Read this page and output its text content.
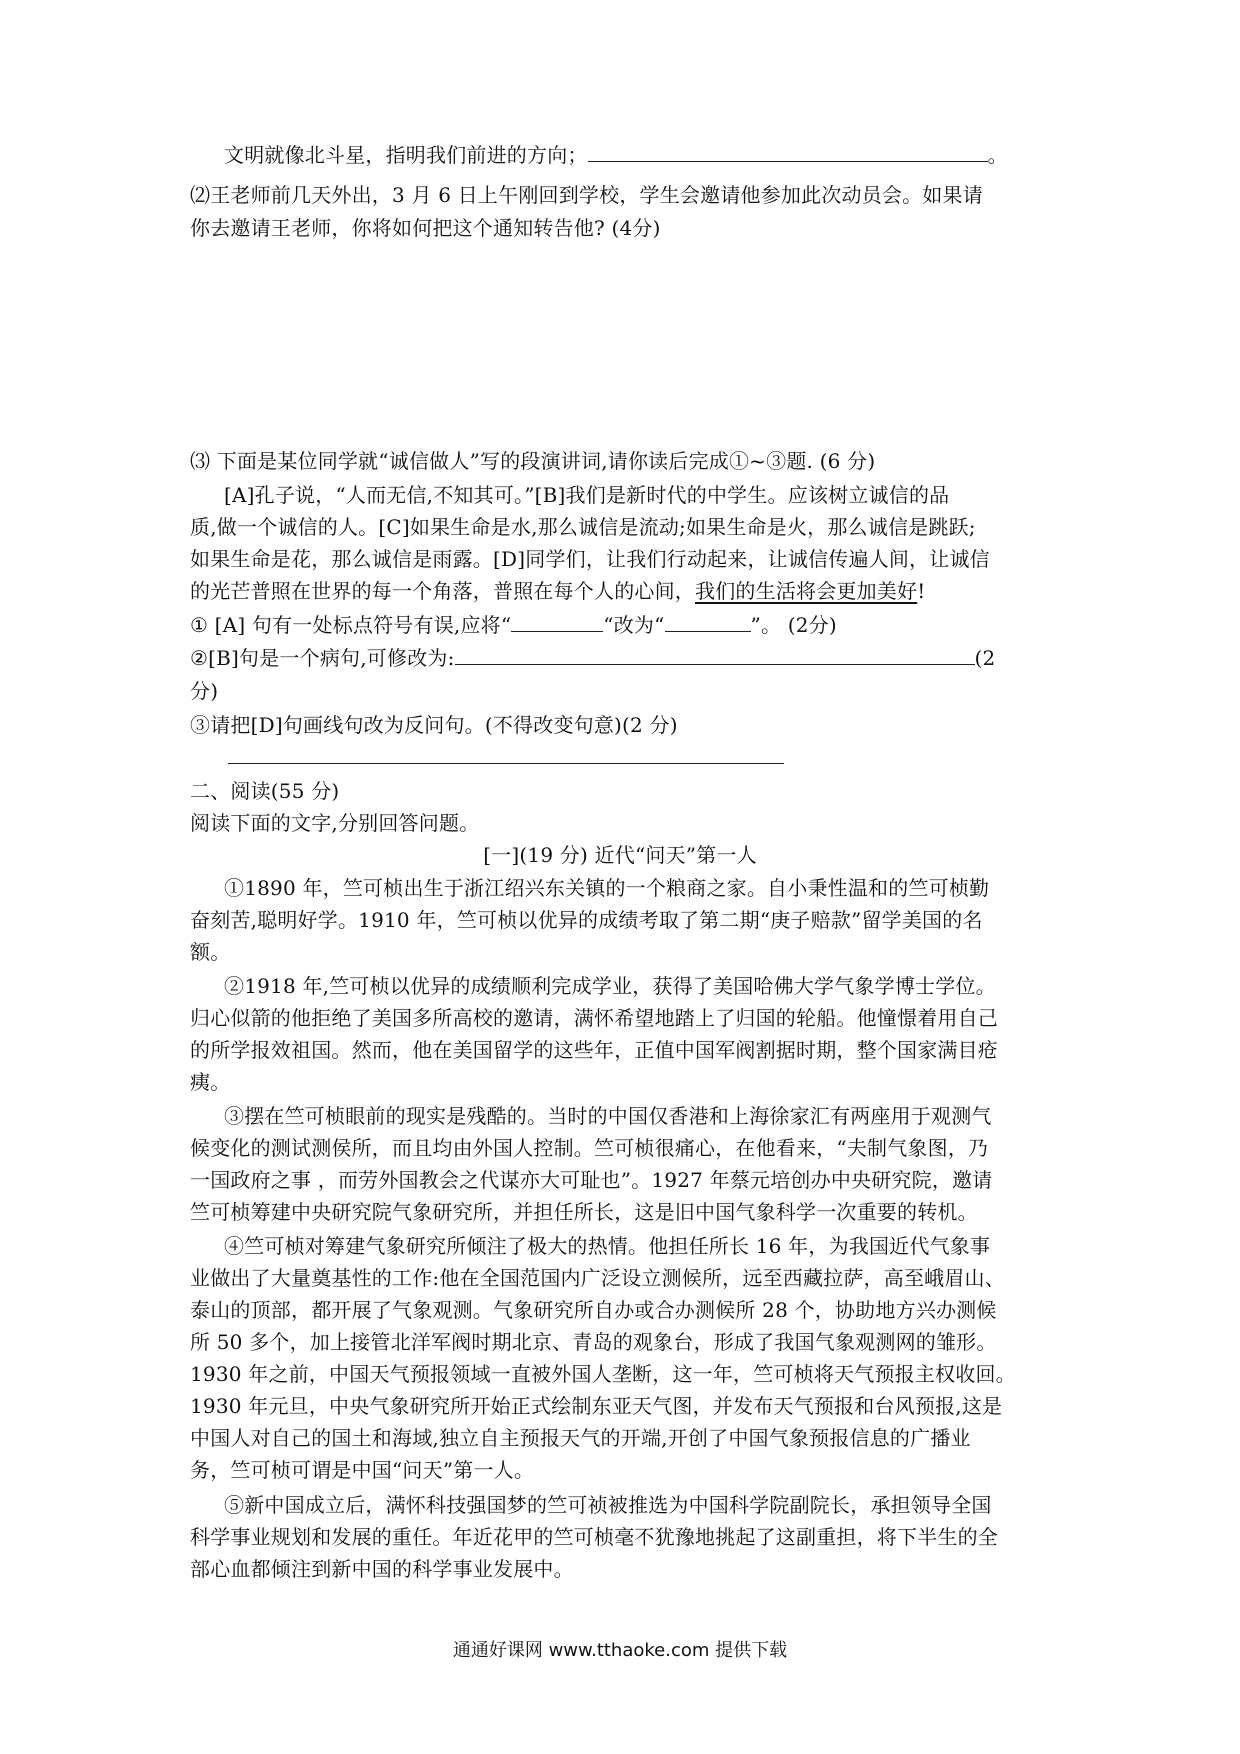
文明就像北斗星，指明我们前进的方向；	。
⑵王老师前几天外出，3 月 6 日上午刚回到学校，学生会邀请他参加此次动员会。如果请
你去邀请王老师，你将如何把这个通知转告他? (4分)
⑶ 下面是某位同学就“诚信做人”写的段演讲词,请你读后完成①~③题. (6 分)
[A]孔子说，“人而无信,不知其可。”[B]我们是新时代的中学生。应该树立诚信的品
质,做一个诚信的人。[C]如果生命是水,那么诚信是流动;如果生命是火，那么诚信是跳跃;
如果生命是花，那么诚信是雨露。[D]同学们，让我们行动起来，让诚信传遍人间，让诚信
的光芒普照在世界的每一个角落，普照在每个人的心间，我们的生活将会更加美好!
① [A] 句有一处标点符号有误,应将“	“改为“	”。 (2分)
②[B]句是一个病句,可修改为:	(2
分)
③请把[D]句画线句改为反问句。(不得改变句意)(2 分)
二、阅读(55 分)
阅读下面的文字,分别回答问题。
[一](19 分) 近代“问天”第一人
①1890 年，竺可桢出生于浙江绍兴东关镇的一个粮商之家。自小秉性温和的竺可桢勤
奋刻苦,聪明好学。1910 年，竺可桢以优异的成绩考取了第二期“庚子赔款”留学美国的名
额。
②1918 年,竺可桢以优异的成绩顺利完成学业，获得了美国哈佛大学气象学博士学位。
归心似箭的他拒绝了美国多所高校的邀请，满怀希望地踏上了归国的轮船。他憧憬着用自己
的所学报效祖国。然而，他在美国留学的这些年，正值中国军阀割据时期，整个国家满目疮
痍。
③摆在竺可桢眼前的现实是残酷的。当时的中国仅香港和上海徐家汇有两座用于观测气
候变化的测试测侯所，而且均由外国人控制。竺可桢很痛心，在他看来，“夫制气象图，乃
一国政府之事 ，而劳外国教会之代谋亦大可耻也”。1927 年蔡元培创办中央研究院，邀请
竺可桢筹建中央研究院气象研究所，并担任所长，这是旧中国气象科学一次重要的转机。
④竺可桢对筹建气象研究所倾注了极大的热情。他担任所长 16 年，为我国近代气象事
业做出了大量奠基性的工作:他在全国范国内广泛设立测候所，远至西藏拉萨，高至峨眉山、
泰山的顶部，都开展了气象观测。气象研究所自办或合办测候所 28 个，协助地方兴办测候
所 50 多个，加上接管北洋军阀时期北京、青岛的观象台，形成了我国气象观测网的雏形。
1930 年之前，中国天气预报领域一直被外国人垄断，这一年，竺可桢将天气预报主权收回。
1930 年元旦，中央气象研究所开始正式绘制东亚天气图，并发布天气预报和台风预报,这是
中国人对自己的国土和海域,独立自主预报天气的开端,开创了中国气象预报信息的广播业
务，竺可桢可谓是中国“问天”第一人。
⑤新中国成立后，满怀科技强国梦的竺可祯被推选为中国科学院副院长，承担领导全国
科学事业规划和发展的重任。年近花甲的竺可桢毫不犹豫地挑起了这副重担，将下半生的全
部心血都倾注到新中国的科学事业发展中。
通通好课网 www.tthaoke.com 提供下载
